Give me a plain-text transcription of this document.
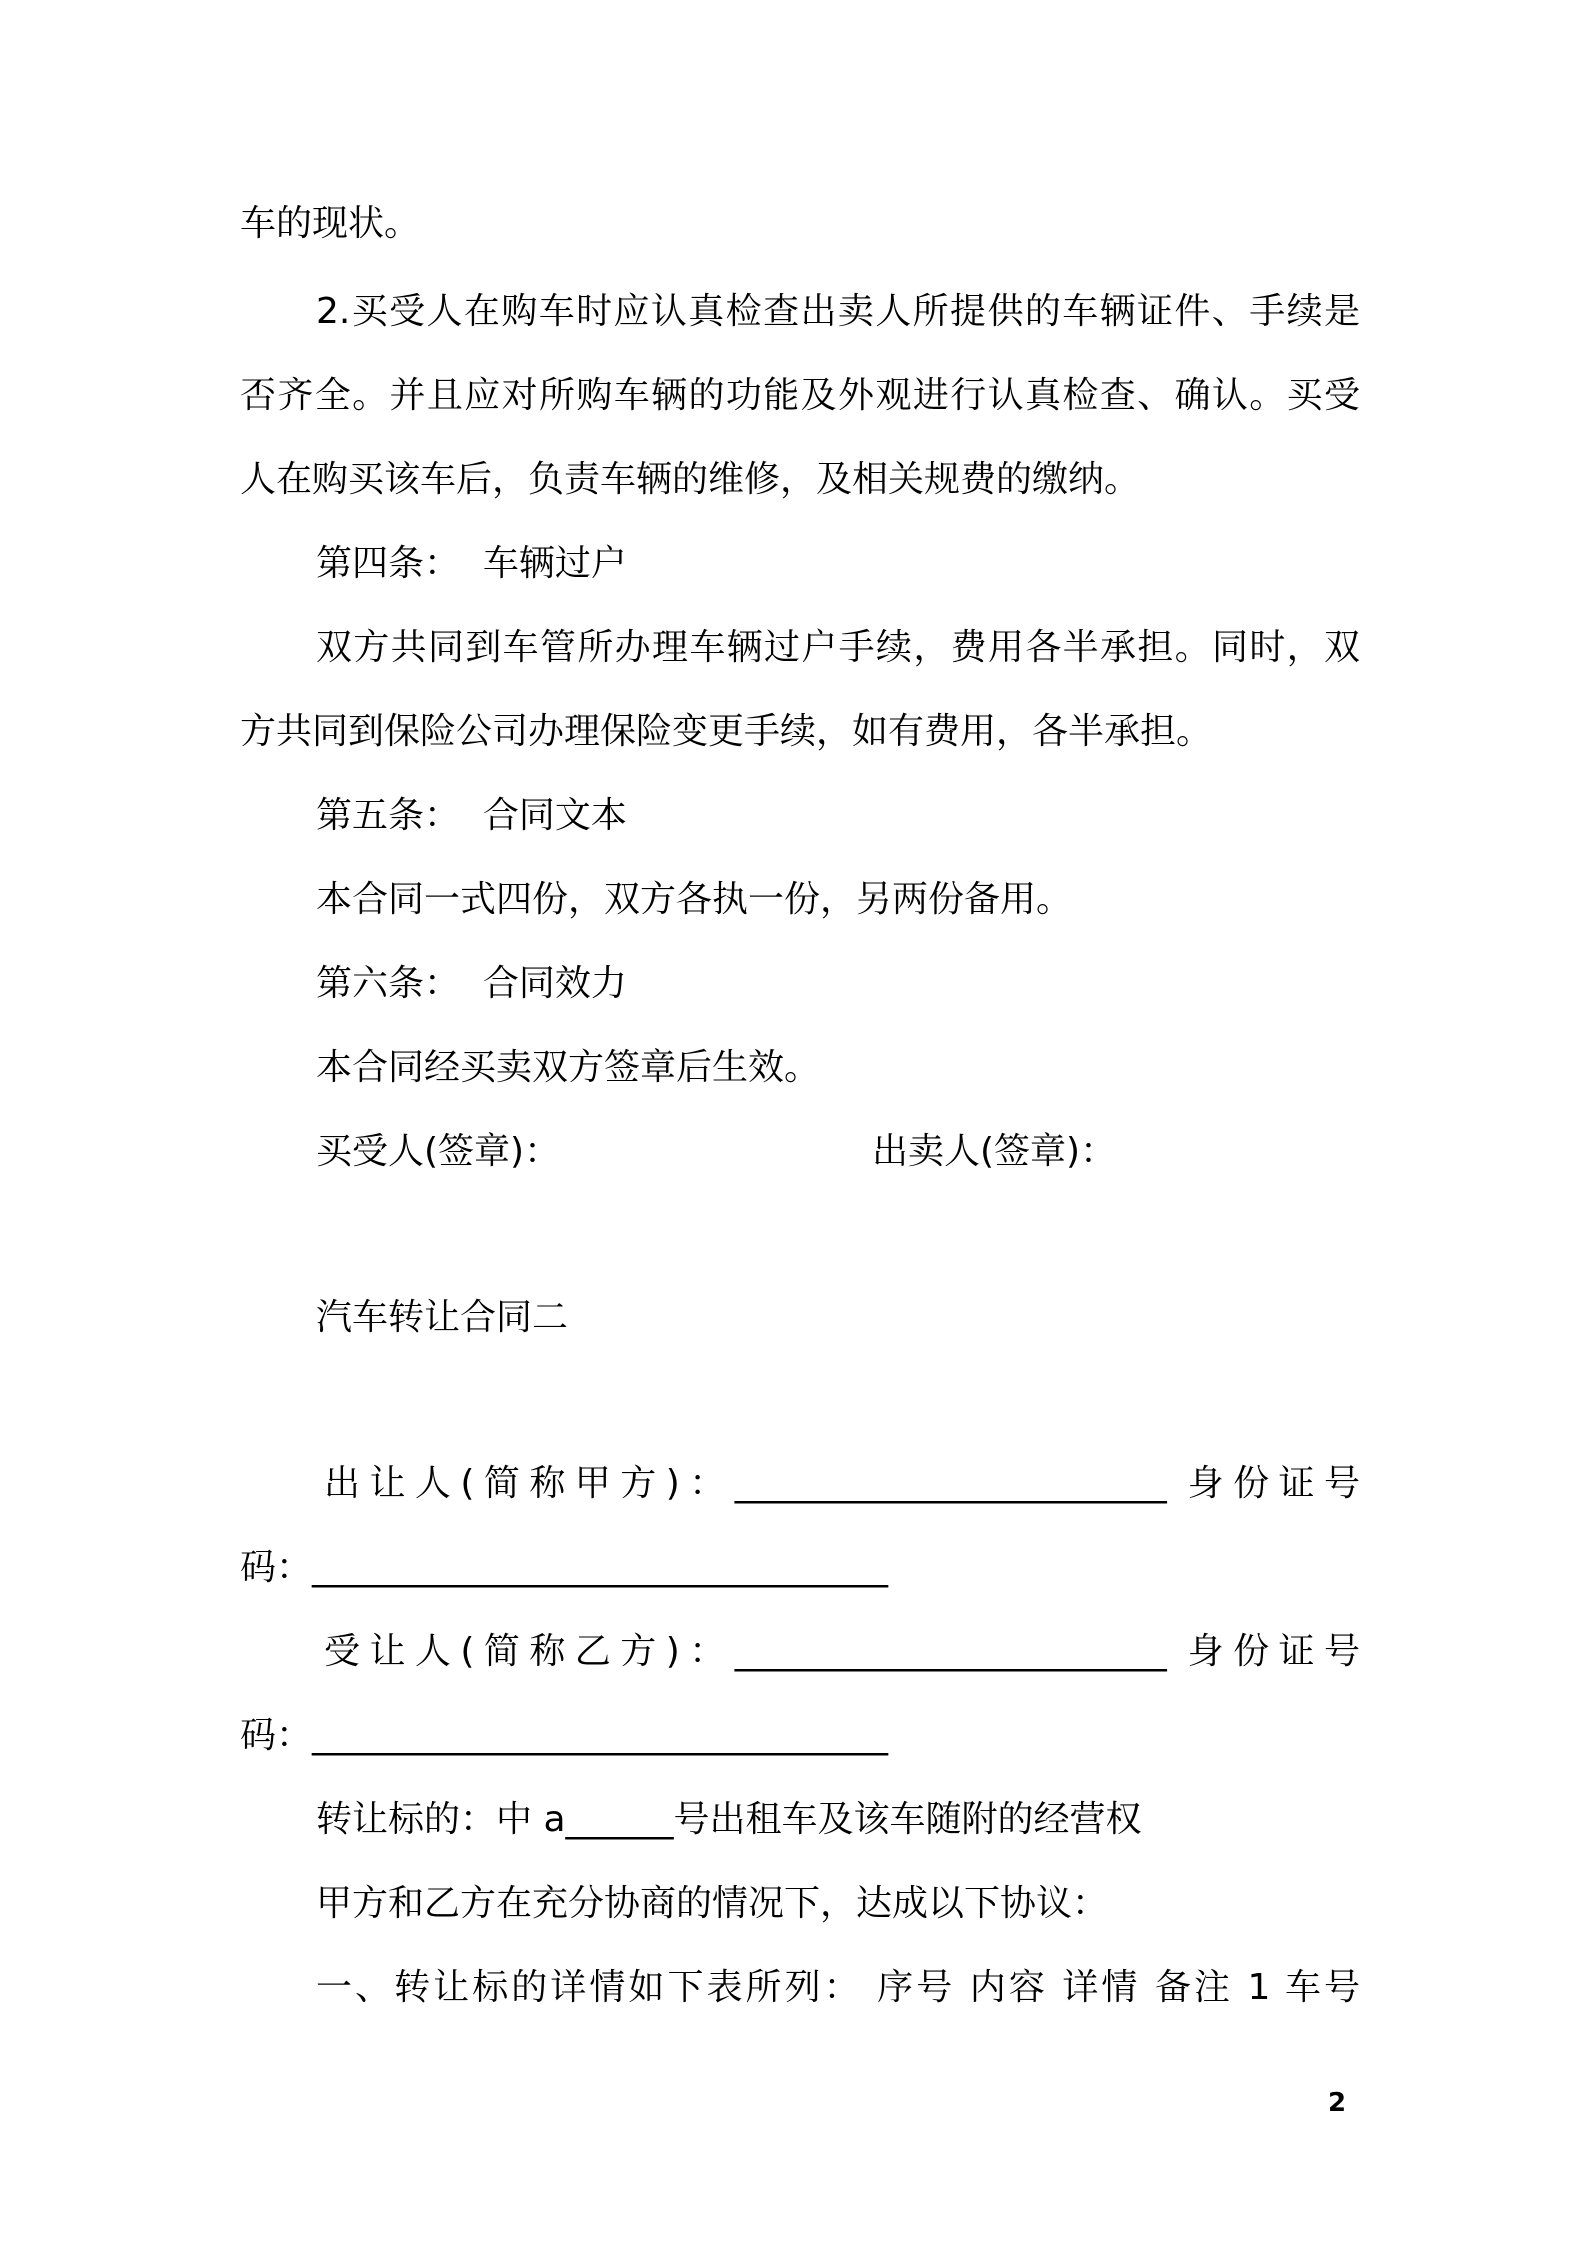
车的现状。
2.买受人在购车时应认真检查出卖人所提供的车辆证件、手续是
否齐全。并且应对所购车辆的功能及外观进行认真检查、确认。买受
人在购买该车后，负责车辆的维修，及相关规费的缴纳。
第四条：  车辆过户
双方共同到车管所办理车辆过户手续，费用各半承担。同时，双
方共同到保险公司办理保险变更手续，如有费用，各半承担。
第五条：  合同文本
本合同一式四份，双方各执一份，另两份备用。
第六条：  合同效力
本合同经买卖双方签章后生效。
买受人(签章)：	出卖人(签章)：
汽车转让合同二
出让人(简称甲方)：________________________ 身份证号
码：________________________________
受让人(简称乙方)：________________________ 身份证号
码：________________________________
转让标的：中 a______号出租车及该车随附的经营权
甲方和乙方在充分协商的情况下，达成以下协议：
一、转让标的详情如下表所列： 序号 内容 详情 备注 1 车号
2
